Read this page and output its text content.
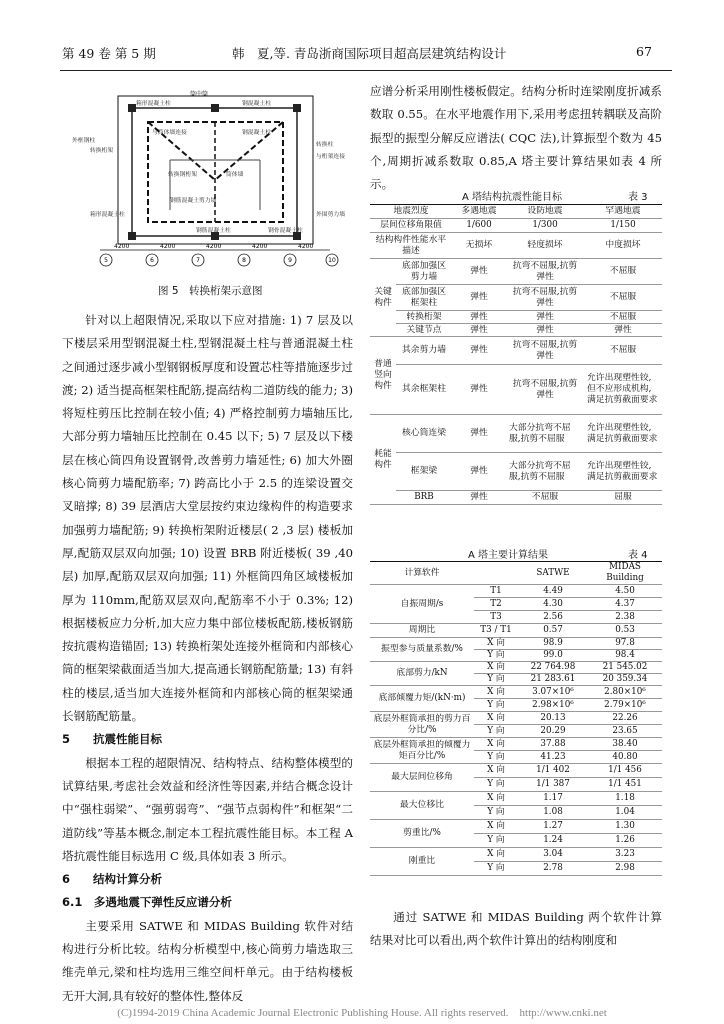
第 49 卷 第 5 期	韩　夏,等. 青岛浙商国际项目超高层建筑结构设计	67
筒中筒
箱形混凝土柱	钢混凝土柱
与筒体墙连接	钢混凝土柱
外框钢柱
转换桁架
转换钢桁架	筒体墙
转换柱
与桁架连接
钢筋混凝土剪力墙
箱形混凝土柱
钢筋混凝土柱
外围剪力墙
钢骨混凝土柱
4200	4200	4200	4200	4200
5	6	7	8	9	10
图 5　转换桁架示意图

针对以上超限情况,采取以下应对措施: 1) 7 层及以下楼层采用型钢混凝土柱,型钢混凝土柱与普通混凝土柱之间通过逐步减小型钢钢板厚度和设置芯柱等措施逐步过渡; 2) 适当提高框架柱配筋,提高结构二道防线的能力; 3) 将短柱剪压比控制在较小值; 4) 严格控制剪力墙轴压比,大部分剪力墙轴压比控制在 0.45 以下; 5) 7 层及以下楼层在核心筒四角设置钢骨,改善剪力墙延性; 6) 加大外圈核心筒剪力墙配筋率; 7) 跨高比小于 2.5 的连梁设置交叉暗撑; 8) 39 层酒店大堂层按约束边缘构件的构造要求加强剪力墙配筋; 9) 转换桁架附近楼层( 2 ,3 层) 楼板加厚,配筋双层双向加强; 10) 设置 BRB 附近楼板( 39 ,40 层) 加厚,配筋双层双向加强; 11) 外框筒四角区域楼板加厚为 110mm,配筋双层双向,配筋率不小于 0.3%; 12) 根据楼板应力分析,加大应力集中部位楼板配筋,楼板钢筋按抗震构造锚固; 13) 转换桁架处连接外框筒和内部核心筒的框架梁截面适当加大,提高通长钢筋配筋量; 13) 有斜柱的楼层,适当加大连接外框筒和内部核心筒的框架梁通长钢筋配筋量。

5　　抗震性能目标

根据本工程的超限情况、结构特点、结构整体模型的试算结果,考虑社会效益和经济性等因素,并结合概念设计中“强柱弱梁”、“强剪弱弯”、“强节点弱构件”和框架“二道防线”等基本概念,制定本工程抗震性能目标。本工程 A 塔抗震性能目标选用 C 级,具体如表 3 所示。

6　　结构计算分析

6.1　多遇地震下弹性反应谱分析

主要采用 SATWE 和 MIDAS Building 软件对结构进行分析比较。结构分析模型中,核心筒剪力墙选取三维壳单元,梁和柱均选用三维空间杆单元。由于结构楼板无开大洞,具有较好的整体性,整体反

应谱分析采用刚性楼板假定。结构分析时连梁刚度折减系数取 0.55。在水平地震作用下,采用考虑扭转耦联及高阶振型的振型分解反应谱法( CQC 法),计算振型个数为 45 个,周期折减系数取 0.85,A 塔主要计算结果如表 4 所示。

A 塔结构抗震性能目标	表 3
地震烈度		多遇地震	设防地震	罕遇地震
层间位移角限值		1/600	1/300	1/150
结构构件性能水平描述		无损坏	轻度损坏	中度损坏
关键构件	底部加强区剪力墙	弹性	抗弯不屈服,抗剪弹性	不屈服
	底部加强区框架柱	弹性	抗弯不屈服,抗剪弹性	不屈服
	转换桁架	弹性	弹性	不屈服
	关键节点	弹性	弹性	弹性
普通竖向构件	其余剪力墙	弹性	抗弯不屈服,抗剪弹性	不屈服
	其余框架柱	弹性	抗弯不屈服,抗剪弹性	允许出现塑性铰,但不应形成机构,满足抗剪截面要求
耗能构件	核心筒连梁	弹性	大部分抗弯不屈服,抗剪不屈服	允许出现塑性铰,满足抗剪截面要求
	框架梁	弹性	大部分抗弯不屈服,抗剪不屈服	允许出现塑性铰,满足抗剪截面要求
	BRB	弹性	不屈服	屈服
A 塔主要计算结果	表 4
计算软件		SATWE	MIDAS Building
自振周期/s	T1	4.49	4.50
	T2	4.30	4.37
	T3	2.56	2.38
周期比	T3 / T1	0.57	0.53
振型参与质量系数/%	X 向	98.9	97.8
	Y 向	99.0	98.4
底部剪力/kN	X 向	22 764.98	21 545.02
	Y 向	21 283.61	20 359.34
底部倾覆力矩/(kN·m)	X 向	3.07×10⁶	2.80×10⁶
	Y 向	2.98×10⁶	2.79×10⁶
底层外框筒承担的剪力百分比/%	X 向	20.13	22.26
	Y 向	20.29	23.65
底层外框筒承担的倾覆力矩百分比/%	X 向	37.88	38.40
	Y 向	41.23	40.80
最大层间位移角	X 向	1/1 402	1/1 456
	Y 向	1/1 387	1/1 451
最大位移比	X 向	1.17	1.18
	Y 向	1.08	1.04
剪重比/%	X 向	1.27	1.30
	Y 向	1.24	1.26
刚重比	X 向	3.04	3.23
	Y 向	2.78	2.98

通过 SATWE 和 MIDAS Building 两个软件计算结果对比可以看出,两个软件计算出的结构刚度和

(C)1994-2019 China Academic Journal Electronic Publishing House. All rights reserved.　http://www.cnki.net
